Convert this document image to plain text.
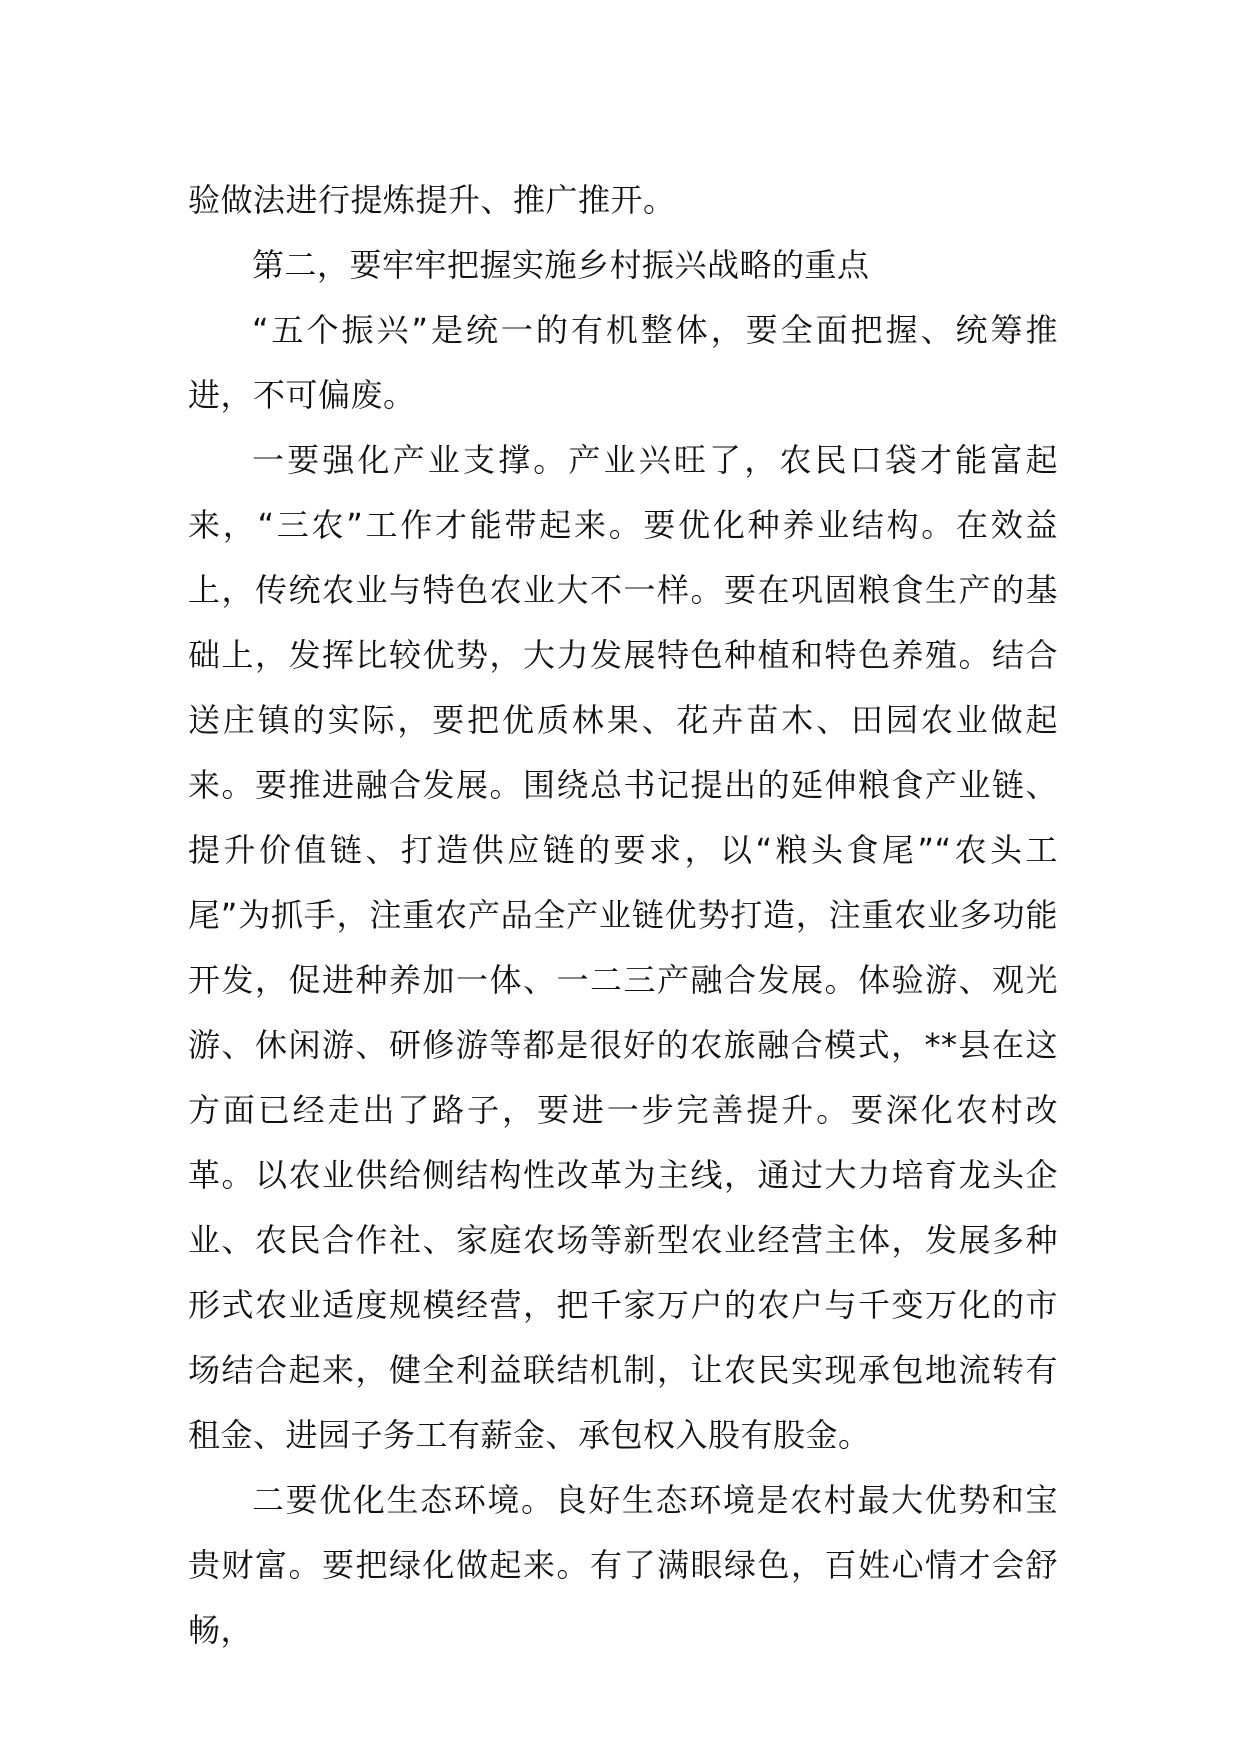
验做法进行提炼提升、推广推开。

第二，要牢牢把握实施乡村振兴战略的重点

“五个振兴”是统一的有机整体，要全面把握、统筹推进，不可偏废。

一要强化产业支撑。产业兴旺了，农民口袋才能富起来，“三农”工作才能带起来。要优化种养业结构。在效益上，传统农业与特色农业大不一样。要在巩固粮食生产的基础上，发挥比较优势，大力发展特色种植和特色养殖。结合送庄镇的实际，要把优质林果、花卉苗木、田园农业做起来。要推进融合发展。围绕总书记提出的延伸粮食产业链、提升价值链、打造供应链的要求，以“粮头食尾”“农头工尾”为抓手，注重农产品全产业链优势打造，注重农业多功能开发，促进种养加一体、一二三产融合发展。体验游、观光游、休闲游、研修游等都是很好的农旅融合模式，**县在这方面已经走出了路子，要进一步完善提升。要深化农村改革。以农业供给侧结构性改革为主线，通过大力培育龙头企业、农民合作社、家庭农场等新型农业经营主体，发展多种形式农业适度规模经营，把千家万户的农户与千变万化的市场结合起来，健全利益联结机制，让农民实现承包地流转有租金、进园子务工有薪金、承包权入股有股金。

二要优化生态环境。良好生态环境是农村最大优势和宝贵财富。要把绿化做起来。有了满眼绿色，百姓心情才会舒畅，
